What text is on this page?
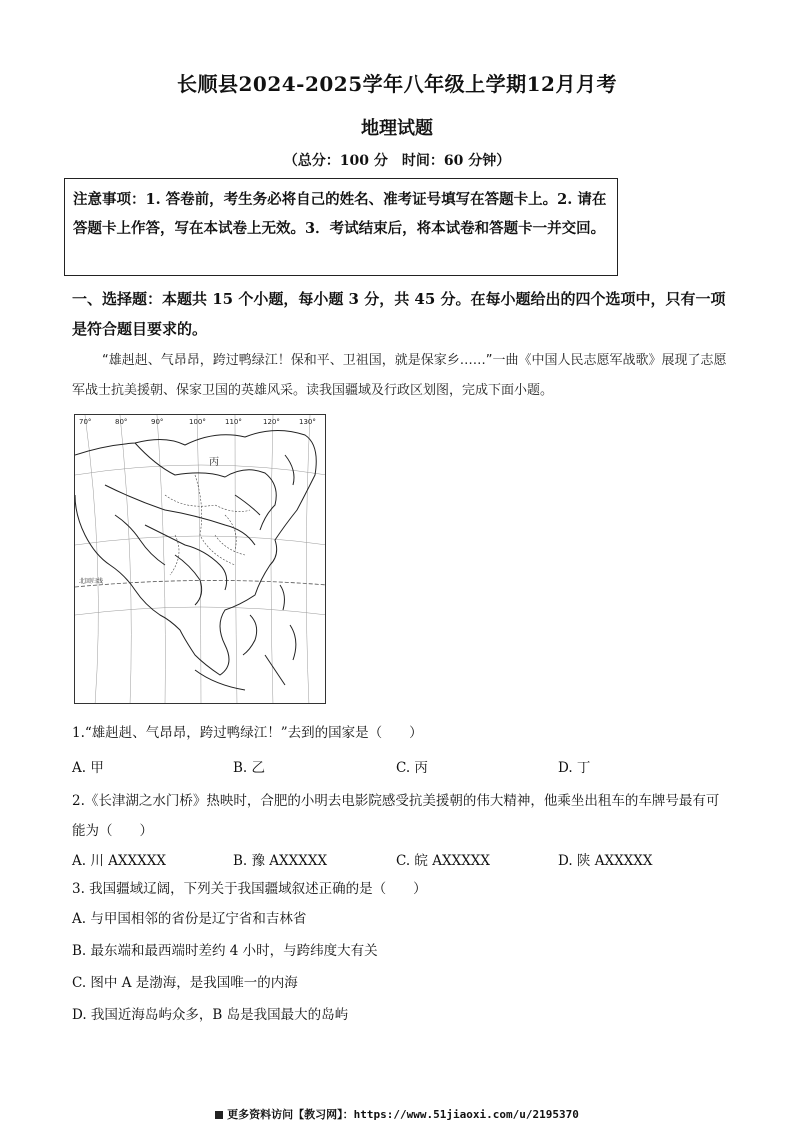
长顺县2024-2025学年八年级上学期12月月考
地理试题
（总分：100 分　时间：60 分钟）
注意事项：1. 答卷前，考生务必将自己的姓名、准考证号填写在答题卡上。2. 请在答题卡上作答，写在本试卷上无效。3．考试结束后，将本试卷和答题卡一并交回。
一、选择题：本题共 15 个小题，每小题 3 分，共 45 分。在每小题给出的四个选项中，只有一项是符合题目要求的。
“雄赳赳、气昂昂，跨过鸭绿江！保和平、卫祖国，就是保家乡……”一曲《中国人民志愿军战歌》展现了志愿军战士抗美援朝、保家卫国的英雄风采。读我国疆域及行政区划图，完成下面小题。
70°	80°	90°	100°	110°	120°	130°
丙
北回归线
1.“雄赳赳、气昂昂，跨过鸭绿江！”去到的国家是（　　）
A. 甲	B. 乙	C. 丙	D. 丁
2.《长津湖之水门桥》热映时，合肥的小明去电影院感受抗美援朝的伟大精神，他乘坐出租车的车牌号最有可能为（　　）
A. 川 AXXXXX	B. 豫 AXXXXX	C. 皖 AXXXXX	D. 陕 AXXXXX
3. 我国疆域辽阔，下列关于我国疆域叙述正确的是（　　）
A. 与甲国相邻的省份是辽宁省和吉林省
B. 最东端和最西端时差约 4 小时，与跨纬度大有关
C. 图中 A 是渤海，是我国唯一的内海
D. 我国近海岛屿众多，B 岛是我国最大的岛屿
更多资料访问【教习网】：https://www.51jiaoxi.com/u/2195370
